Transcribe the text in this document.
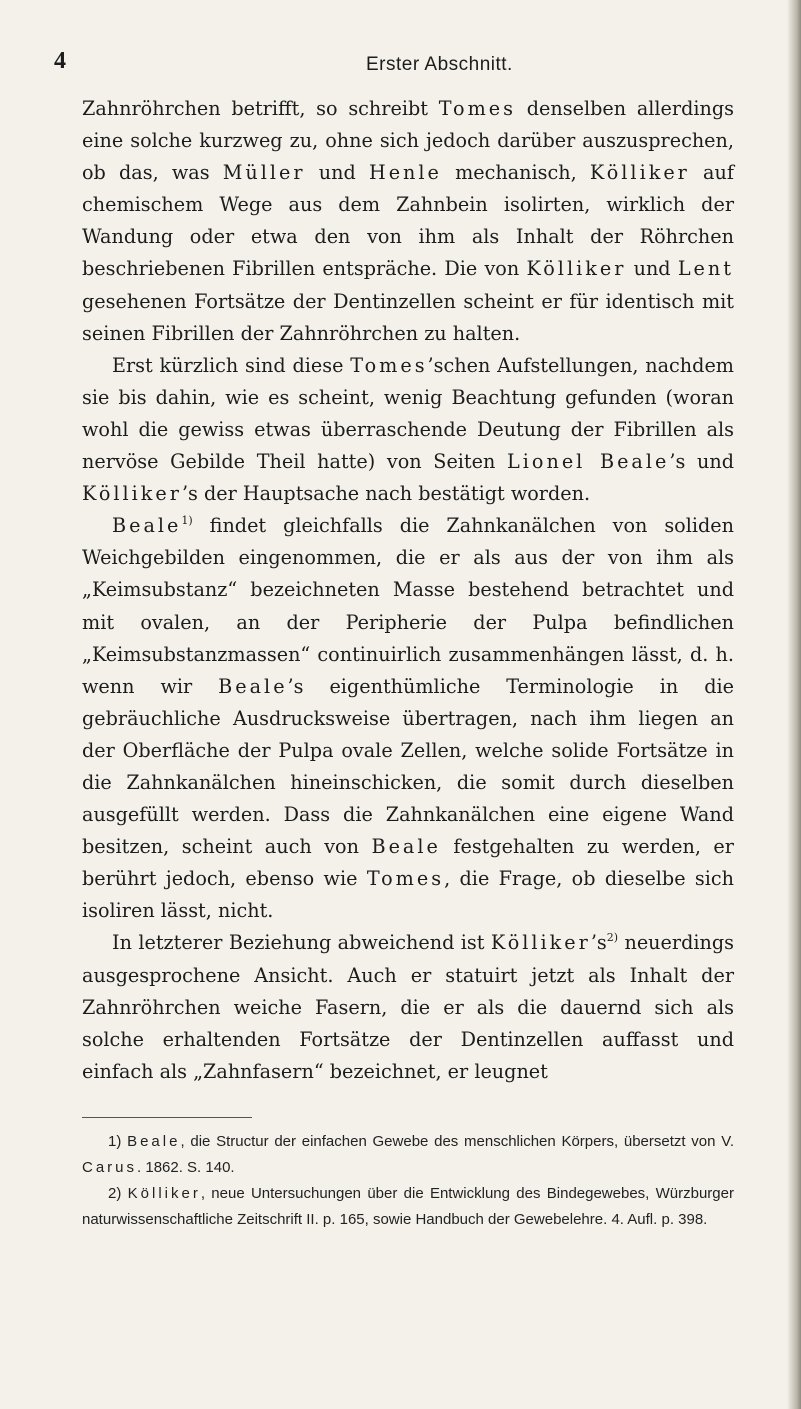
4	Erster Abschnitt.

Zahnröhrchen betrifft, so schreibt Tomes denselben allerdings eine solche kurzweg zu, ohne sich jedoch darüber auszusprechen, ob das, was Müller und Henle mechanisch, Kölliker auf chemischem Wege aus dem Zahnbein isolirten, wirklich der Wandung oder etwa den von ihm als Inhalt der Röhrchen beschriebenen Fibrillen entspräche. Die von Kölliker und Lent gesehenen Fortsätze der Dentinzellen scheint er für identisch mit seinen Fibrillen der Zahnröhrchen zu halten.

Erst kürzlich sind diese Tomes’schen Aufstellungen, nachdem sie bis dahin, wie es scheint, wenig Beachtung gefunden (woran wohl die gewiss etwas überraschende Deutung der Fibrillen als nervöse Gebilde Theil hatte) von Seiten Lionel Beale’s und Kölliker’s der Hauptsache nach bestätigt worden.

Beale$^{1)}$ findet gleichfalls die Zahnkanälchen von soliden Weichgebilden eingenommen, die er als aus der von ihm als „Keimsubstanz“ bezeichneten Masse bestehend betrachtet und mit ovalen, an der Peripherie der Pulpa befindlichen „Keimsubstanzmassen“ continuirlich zusammenhängen lässt, d. h. wenn wir Beale’s eigenthümliche Terminologie in die gebräuchliche Ausdrucksweise übertragen, nach ihm liegen an der Oberfläche der Pulpa ovale Zellen, welche solide Fortsätze in die Zahnkanälchen hineinschicken, die somit durch dieselben ausgefüllt werden. Dass die Zahnkanälchen eine eigene Wand besitzen, scheint auch von Beale festgehalten zu werden, er berührt jedoch, ebenso wie Tomes, die Frage, ob dieselbe sich isoliren lässt, nicht.

In letzterer Beziehung abweichend ist Kölliker’s$^{2)}$ neuerdings ausgesprochene Ansicht. Auch er statuirt jetzt als Inhalt der Zahnröhrchen weiche Fasern, die er als die dauernd sich als solche erhaltenden Fortsätze der Dentinzellen auffasst und einfach als „Zahnfasern“ bezeichnet, er leugnet

1) Beale, die Structur der einfachen Gewebe des menschlichen Körpers, übersetzt von V. Carus. 1862. S. 140.

2) Kölliker, neue Untersuchungen über die Entwicklung des Bindegewebes, Würzburger naturwissenschaftliche Zeitschrift II. p. 165, sowie Handbuch der Gewebelehre. 4. Aufl. p. 398.
